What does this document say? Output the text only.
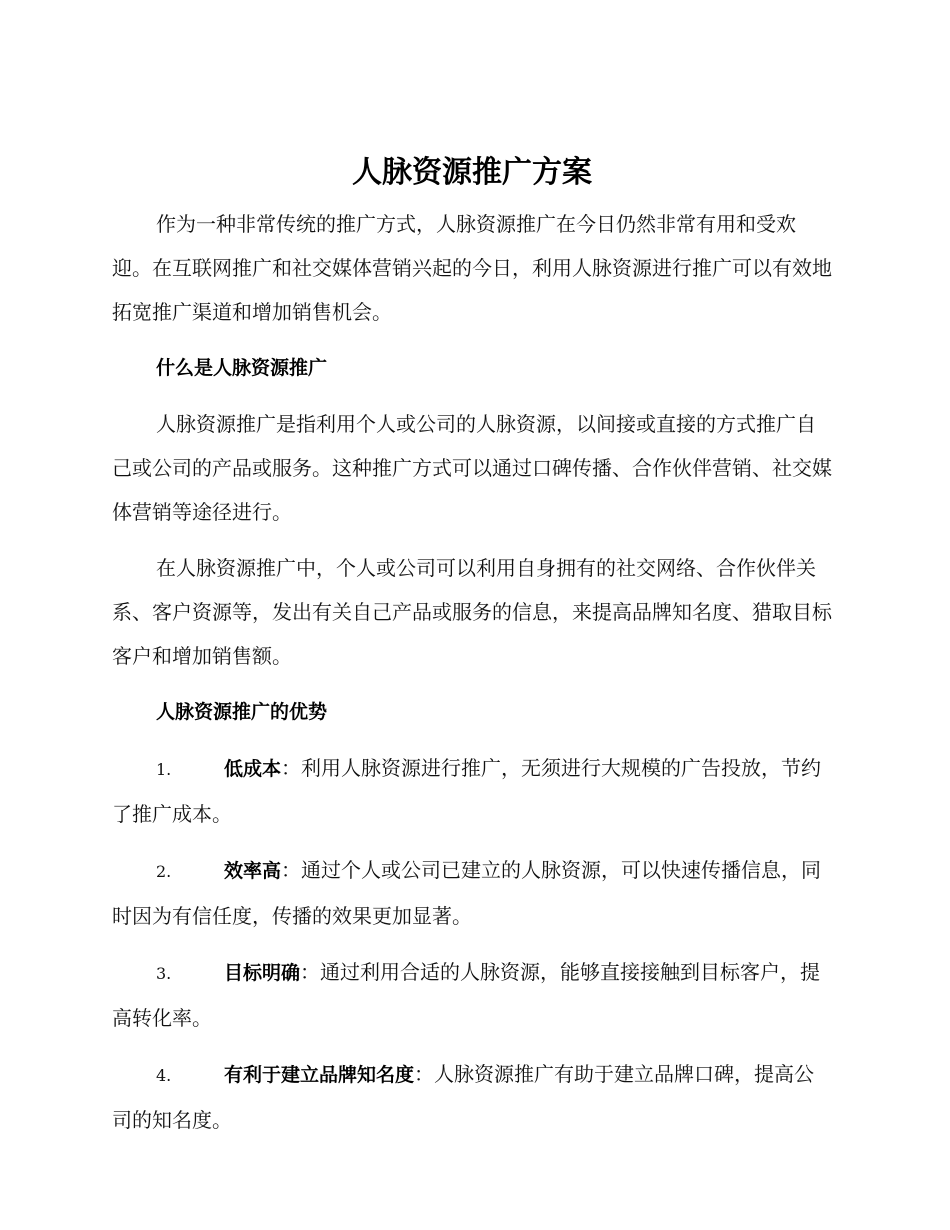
人脉资源推广方案

作为一种非常传统的推广方式，人脉资源推广在今日仍然非常有用和受欢迎。在互联网推广和社交媒体营销兴起的今日，利用人脉资源进行推广可以有效地拓宽推广渠道和增加销售机会。

什么是人脉资源推广

人脉资源推广是指利用个人或公司的人脉资源，以间接或直接的方式推广自己或公司的产品或服务。这种推广方式可以通过口碑传播、合作伙伴营销、社交媒体营销等途径进行。

在人脉资源推广中，个人或公司可以利用自身拥有的社交网络、合作伙伴关系、客户资源等，发出有关自己产品或服务的信息，来提高品牌知名度、猎取目标客户和增加销售额。

人脉资源推广的优势

1.	低成本：利用人脉资源进行推广，无须进行大规模的广告投放，节约了推广成本。

2.	效率高：通过个人或公司已建立的人脉资源，可以快速传播信息，同时因为有信任度，传播的效果更加显著。

3.	目标明确：通过利用合适的人脉资源，能够直接接触到目标客户，提高转化率。

4.	有利于建立品牌知名度：人脉资源推广有助于建立品牌口碑，提高公司的知名度。
